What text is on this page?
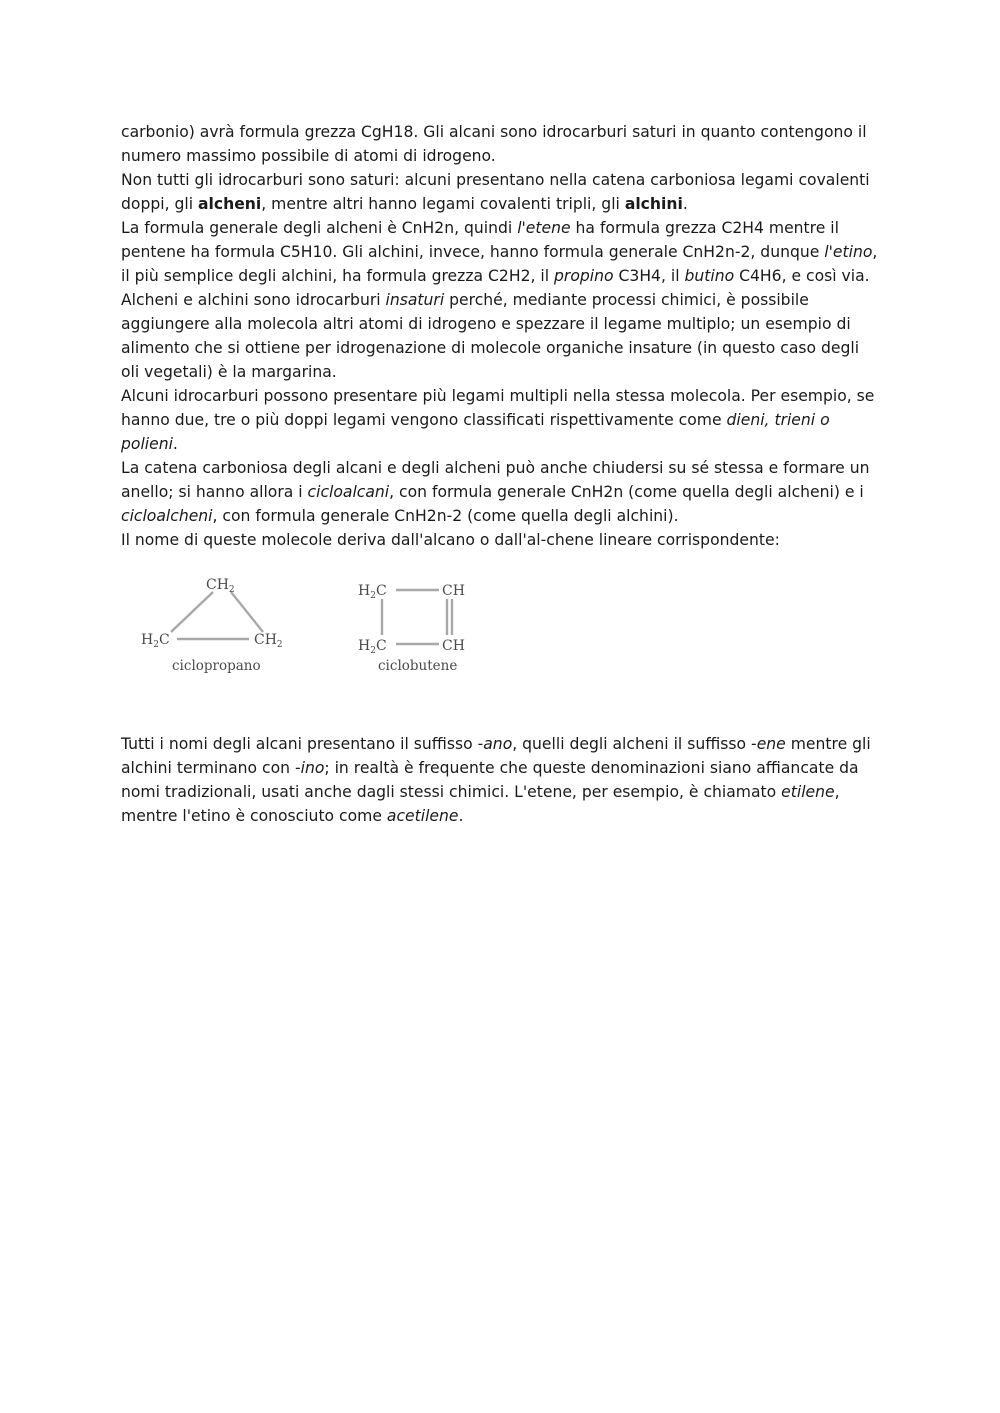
carbonio) avrà formula grezza CgH18. Gli alcani sono idrocarburi saturi in quanto contengono il numero massimo possibile di atomi di idrogeno.

Non tutti gli idrocarburi sono saturi: alcuni presentano nella catena carboniosa legami covalenti doppi, gli alcheni, mentre altri hanno legami covalenti tripli, gli alchini.

La formula generale degli alcheni è CnH2n, quindi l'etene ha formula grezza C2H4 mentre il pentene ha formula C5H10. Gli alchini, invece, hanno formula generale CnH2n-2, dunque l'etino, il più semplice degli alchini, ha formula grezza C2H2, il propino C3H4, il butino C4H6, e così via.

Alcheni e alchini sono idrocarburi insaturi perché, mediante processi chimici, è possibile aggiungere alla molecola altri atomi di idrogeno e spezzare il legame multiplo; un esempio di alimento che si ottiene per idrogenazione di molecole organiche insature (in questo caso degli oli vegetali) è la margarina.

Alcuni idrocarburi possono presentare più legami multipli nella stessa molecola. Per esempio, se hanno due, tre o più doppi legami vengono classificati rispettivamente come dieni, trieni o polieni.

La catena carboniosa degli alcani e degli alcheni può anche chiudersi su sé stessa e formare un anello; si hanno allora i cicloalcani, con formula generale CnH2n (come quella degli alcheni) e i cicloalcheni, con formula generale CnH2n-2 (come quella degli alchini).

Il nome di queste molecole deriva dall'alcano o dall'al-chene lineare corrispondente:

$CH_2$
$H_2C$	$CH_2$
ciclopropano
$H_2C$	CH
$H_2C$	CH
ciclobutene

Tutti i nomi degli alcani presentano il suffisso -ano, quelli degli alcheni il suffisso -ene mentre gli alchini terminano con -ino; in realtà è frequente che queste denominazioni siano affiancate da nomi tradizionali, usati anche dagli stessi chimici. L'etene, per esempio, è chiamato etilene, mentre l'etino è conosciuto come acetilene.
